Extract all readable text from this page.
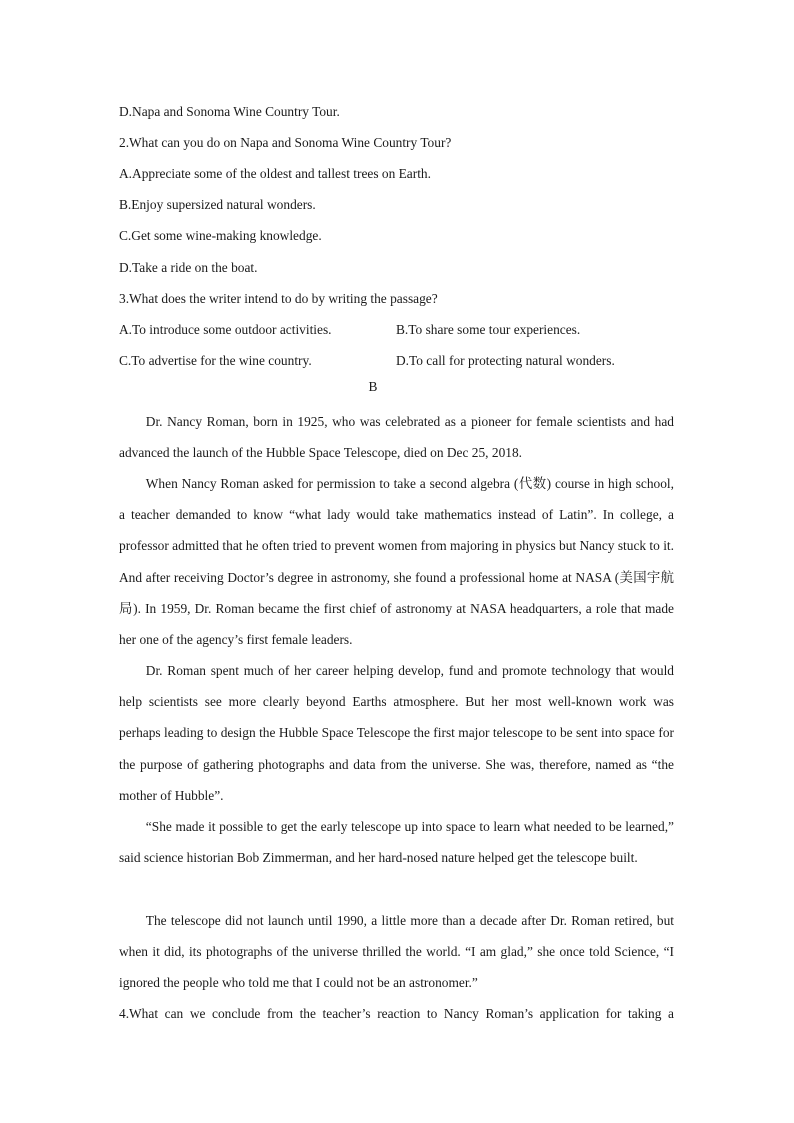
D.Napa and Sonoma Wine Country Tour.
2.What can you do on Napa and Sonoma Wine Country Tour?
A.Appreciate some of the oldest and tallest trees on Earth.
B.Enjoy supersized natural wonders.
C.Get some wine-making knowledge.
D.Take a ride on the boat.
3.What does the writer intend to do by writing the passage?
A.To introduce some outdoor activities.	B.To share some tour experiences.
C.To advertise for the wine country.	D.To call for protecting natural wonders.
B
Dr. Nancy Roman, born in 1925, who was celebrated as a pioneer for female scientists and had advanced the launch of the Hubble Space Telescope, died on Dec 25, 2018.
When Nancy Roman asked for permission to take a second algebra (代数) course in high school, a teacher demanded to know “what lady would take mathematics instead of Latin”. In college, a professor admitted that he often tried to prevent women from majoring in physics but Nancy stuck to it. And after receiving Doctor’s degree in astronomy, she found a professional home at NASA (美国宇航局). In 1959, Dr. Roman became the first chief of astronomy at NASA headquarters, a role that made her one of the agency’s first female leaders.
Dr. Roman spent much of her career helping develop, fund and promote technology that would help scientists see more clearly beyond Earths atmosphere. But her most well-known work was perhaps leading to design the Hubble Space Telescope the first major telescope to be sent into space for the purpose of gathering photographs and data from the universe. She was, therefore, named as “the mother of Hubble”.
“She made it possible to get the early telescope up into space to learn what needed to be learned,” said science historian Bob Zimmerman, and her hard-nosed nature helped get the telescope built.
The telescope did not launch until 1990, a little more than a decade after Dr. Roman retired, but when it did, its photographs of the universe thrilled the world. “I am glad,” she once told Science, “I ignored the people who told me that I could not be an astronomer.”
4.What can we conclude from the teacher’s reaction to Nancy Roman’s application for taking a
